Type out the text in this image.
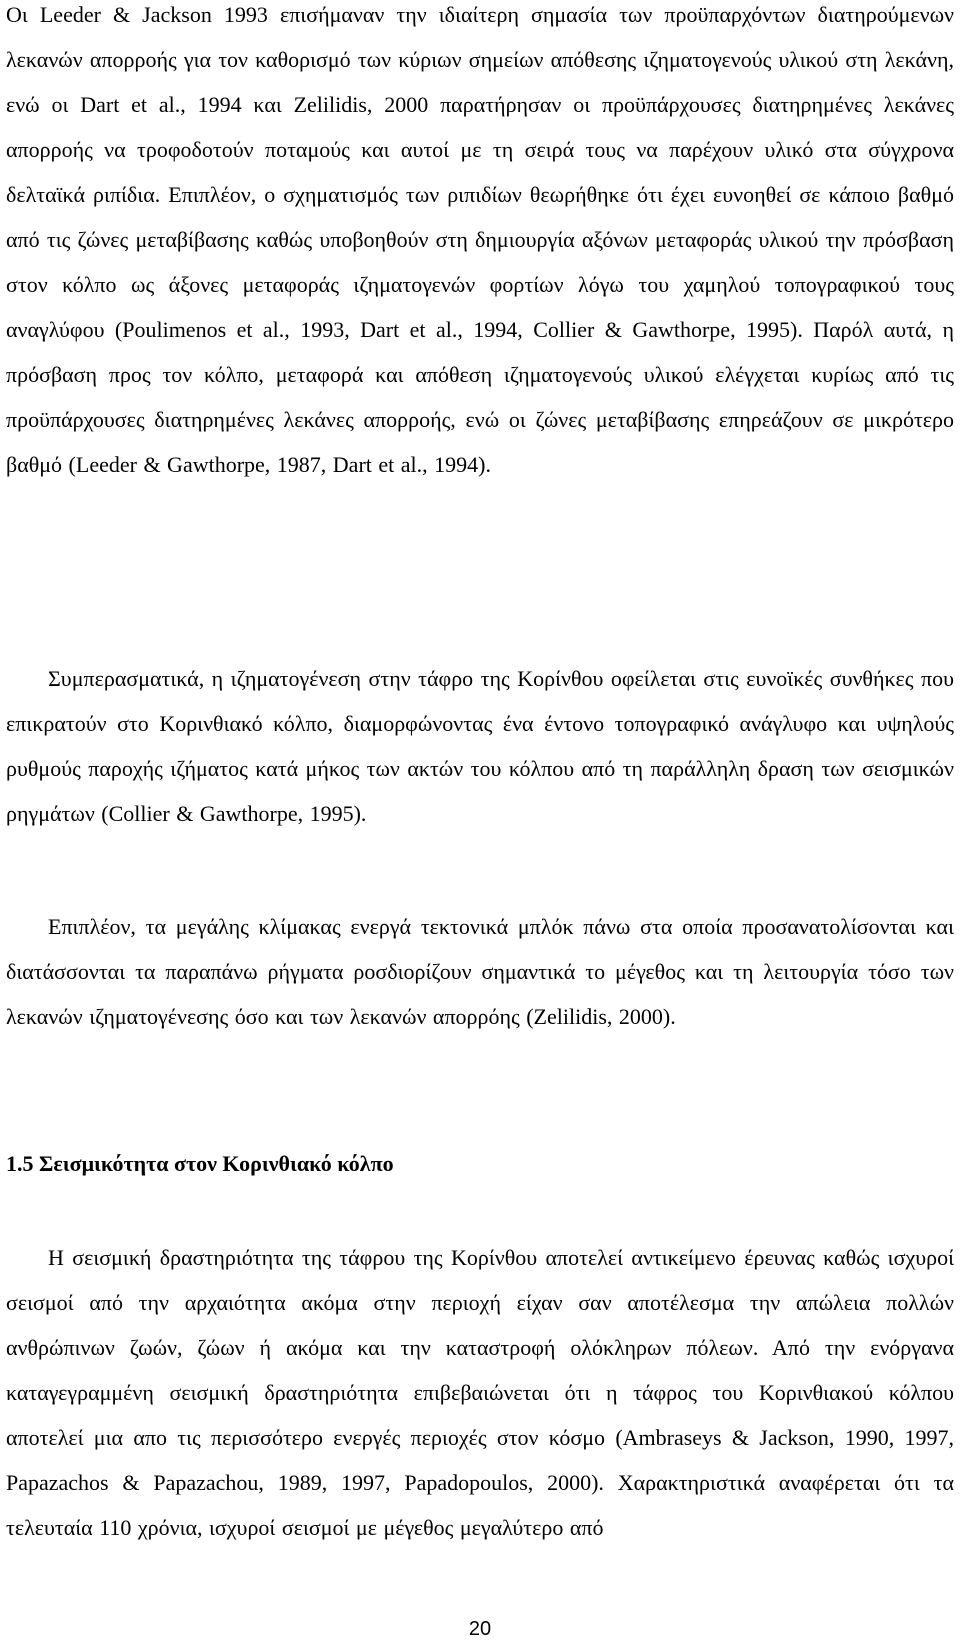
Οι Leeder & Jackson 1993 επισήμαναν την ιδιαίτερη σημασία των προϋπαρχόντων διατηρούμενων λεκανών απορροής για τον καθορισμό των κύριων σημείων απόθεσης ιζηματογενούς υλικού στη λεκάνη, ενώ οι Dart et al., 1994 και Zelilidis, 2000 παρατήρησαν οι προϋπάρχουσες διατηρημένες λεκάνες απορροής να τροφοδοτούν ποταμούς και αυτοί με τη σειρά τους να παρέχουν υλικό στα σύγχρονα δελταϊκά ριπίδια. Επιπλέον, ο σχηματισμός των ριπιδίων θεωρήθηκε ότι έχει ευνοηθεί σε κάποιο βαθμό από τις ζώνες μεταβίβασης καθώς υποβοηθούν στη δημιουργία αξόνων μεταφοράς υλικού την πρόσβαση στον κόλπο ως άξονες μεταφοράς ιζηματογενών φορτίων λόγω του χαμηλού τοπογραφικού τους αναγλύφου (Poulimenos et al., 1993, Dart et al., 1994, Collier & Gawthorpe, 1995). Παρόλ αυτά, η πρόσβαση προς τον κόλπο, μεταφορά και απόθεση ιζηματογενούς υλικού ελέγχεται κυρίως από τις προϋπάρχουσες διατηρημένες λεκάνες απορροής, ενώ οι ζώνες μεταβίβασης επηρεάζουν σε μικρότερο βαθμό (Leeder & Gawthorpe, 1987, Dart et al., 1994).

Συμπερασματικά, η ιζηματογένεση στην τάφρο της Κορίνθου οφείλεται στις ευνοϊκές συνθήκες που επικρατούν στο Κορινθιακό κόλπο, διαμορφώνοντας ένα έντονο τοπογραφικό ανάγλυφο και υψηλούς ρυθμούς παροχής ιζήματος κατά μήκος των ακτών του κόλπου από τη παράλληλη δραση των σεισμικών ρηγμάτων (Collier & Gawthorpe, 1995).

Επιπλέον, τα μεγάλης κλίμακας ενεργά τεκτονικά μπλόκ πάνω στα οποία προσανατολίσονται και διατάσσονται τα παραπάνω ρήγματα ροσδιορίζουν σημαντικά το μέγεθος και τη λειτουργία τόσο των λεκανών ιζηματογένεσης όσο και των λεκανών απορρόης (Zelilidis, 2000).

1.5 Σεισμικότητα στον Κορινθιακό κόλπο

Η σεισμική δραστηριότητα της τάφρου της Κορίνθου αποτελεί αντικείμενο έρευνας καθώς ισχυροί σεισμοί από την αρχαιότητα ακόμα στην περιοχή είχαν σαν αποτέλεσμα την απώλεια πολλών ανθρώπινων ζωών, ζώων ή ακόμα και την καταστροφή ολόκληρων πόλεων. Από την ενόργανα καταγεγραμμένη σεισμική δραστηριότητα επιβεβαιώνεται ότι η τάφρος του Κορινθιακού κόλπου αποτελεί μια απο τις περισσότερο ενεργές περιοχές στον κόσμο (Ambraseys & Jackson, 1990, 1997, Papazachos & Papazachou, 1989, 1997, Papadopoulos, 2000). Χαρακτηριστικά αναφέρεται ότι τα τελευταία 110 χρόνια, ισχυροί σεισμοί με μέγεθος μεγαλύτερο από

20
